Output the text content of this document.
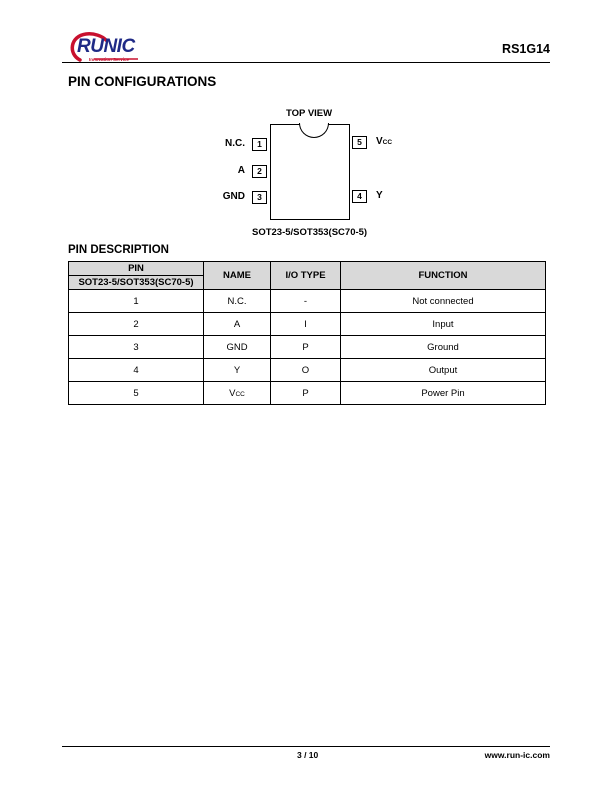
RUNIC
Innovation Service
RS1G14
PIN CONFIGURATIONS
TOP VIEW
1
N.C.
2
A
3
GND
5	VCC
4	Y
SOT23-5/SOT353(SC70-5)
PIN DESCRIPTION
PIN	NAME	I/O TYPE	FUNCTION
SOT23-5/SOT353(SC70-5)			
1	N.C.	-	Not connected
2	A	I	Input
3	GND	P	Ground
4	Y	O	Output
5	VCC	P	Power Pin
3 / 10	www.run-ic.com
